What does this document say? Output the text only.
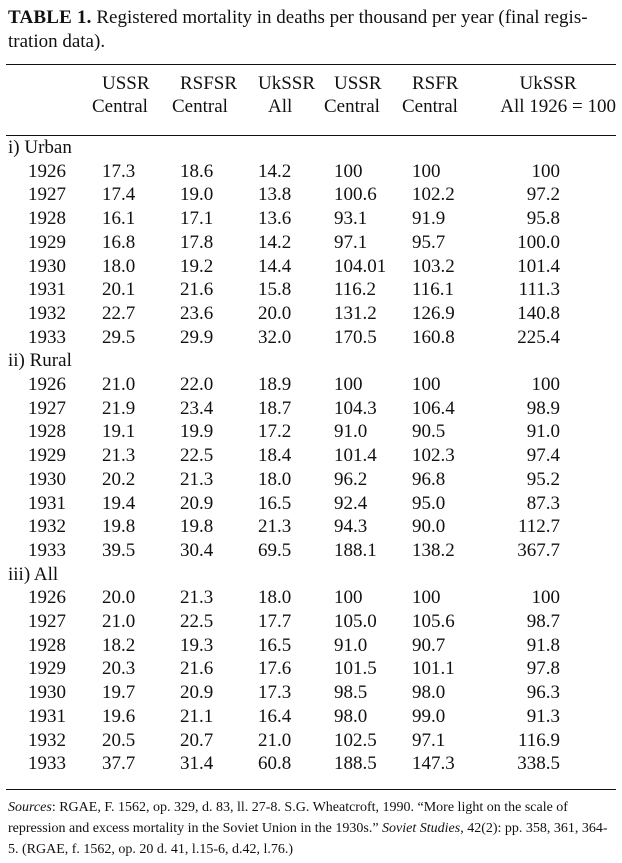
TABLE 1. Registered mortality in deaths per thousand per year (final regis-tration data).
	USSR	RSFSR	UkSSR	USSR	RSFR	UkSSR
	Central	Central	All	Central	Central	All 1926 = 100
i) Urban						
1926	17.3	18.6	14.2	100	100	100
1927	17.4	19.0	13.8	100.6	102.2	97.2
1928	16.1	17.1	13.6	93.1	91.9	95.8
1929	16.8	17.8	14.2	97.1	95.7	100.0
1930	18.0	19.2	14.4	104.01	103.2	101.4
1931	20.1	21.6	15.8	116.2	116.1	111.3
1932	22.7	23.6	20.0	131.2	126.9	140.8
1933	29.5	29.9	32.0	170.5	160.8	225.4
ii) Rural						
1926	21.0	22.0	18.9	100	100	100
1927	21.9	23.4	18.7	104.3	106.4	98.9
1928	19.1	19.9	17.2	91.0	90.5	91.0
1929	21.3	22.5	18.4	101.4	102.3	97.4
1930	20.2	21.3	18.0	96.2	96.8	95.2
1931	19.4	20.9	16.5	92.4	95.0	87.3
1932	19.8	19.8	21.3	94.3	90.0	112.7
1933	39.5	30.4	69.5	188.1	138.2	367.7
iii) All						
1926	20.0	21.3	18.0	100	100	100
1927	21.0	22.5	17.7	105.0	105.6	98.7
1928	18.2	19.3	16.5	91.0	90.7	91.8
1929	20.3	21.6	17.6	101.5	101.1	97.8
1930	19.7	20.9	17.3	98.5	98.0	96.3
1931	19.6	21.1	16.4	98.0	99.0	91.3
1932	20.5	20.7	21.0	102.5	97.1	116.9
1933	37.7	31.4	60.8	188.5	147.3	338.5
Sources: RGAE, F. 1562, op. 329, d. 83, ll. 27-8. S.G. Wheatcroft, 1990. “More light on the scale of repression and excess mortality in the Soviet Union in the 1930s.” Soviet Studies, 42(2): pp. 358, 361, 364-5. (RGAE, f. 1562, op. 20 d. 41, l.15-6, d.42, l.76.)
